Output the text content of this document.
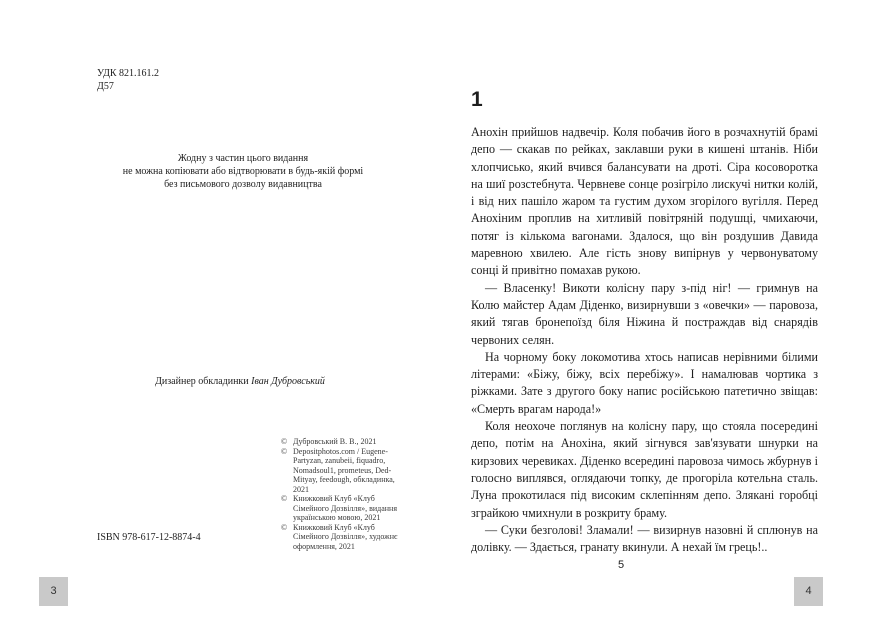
УДК 821.161.2
Д57
Жодну з частин цього видання
не можна копіювати або відтворювати в будь-якій формі
без письмового дозволу видавництва
Дизайнер обкладинки Іван Дубровський
© Дубровський В. В., 2021
© Depositphotos.com / Eugene-Partyzan, zanubeii, fiquadro, Nomadsoul1, prometeus, Ded-Mityay, feedough, обкладинка, 2021
© Книжковий Клуб «Клуб Сімейного Дозвілля», видання українською мовою, 2021
© Книжковий Клуб «Клуб Сімейного Дозвілля», художнє оформлення, 2021
ISBN 978-617-12-8874-4
3
1

Анохін прийшов надвечір. Коля побачив його в розчахнутій брамі депо — скакав по рейках, заклавши руки в кишені штанів. Ніби хлопчисько, який вчився балансувати на дроті. Сіра косоворотка на шиї розстебнута. Червневе сонце розігріло лискучі нитки колій, і від них пашіло жаром та густим духом згорілого вугілля. Перед Анохіним проплив на хитливій повітряній подушці, чмихаючи, потяг із кількома вагонами. Здалося, що він роздушив Давида маревною хвилею. Але гість знову випірнув у червонуватому сонці й привітно помахав рукою.

— Власенку! Викоти колісну пару з-під ніг! — гримнув на Колю майстер Адам Діденко, визирнувши з «овечки» — паровоза, який тягав бронепоїзд біля Ніжина й постраждав від снарядів червоних селян.

На чорному боку локомотива хтось написав нерівними білими літерами: «Біжу, біжу, всіх перебіжу». І намалював чортика з ріжками. Зате з другого боку напис російською патетично звіщав: «Смерть врагам народа!»

Коля неохоче поглянув на колісну пару, що стояла посередині депо, потім на Анохіна, який зігнувся зав'язувати шнурки на кирзових черевиках. Діденко всередині паровоза чимось жбурнув і голосно виплявся, оглядаючи топку, де прогоріла котельна сталь. Луна прокотилася під високим склепінням депо. Злякані горобці зграйкою чмихнули в розкриту браму.

— Суки безголові! Зламали! — визирнув назовні й сплюнув на долівку. — Здається, гранату вкинули. А нехай їм грець!..

5
4
